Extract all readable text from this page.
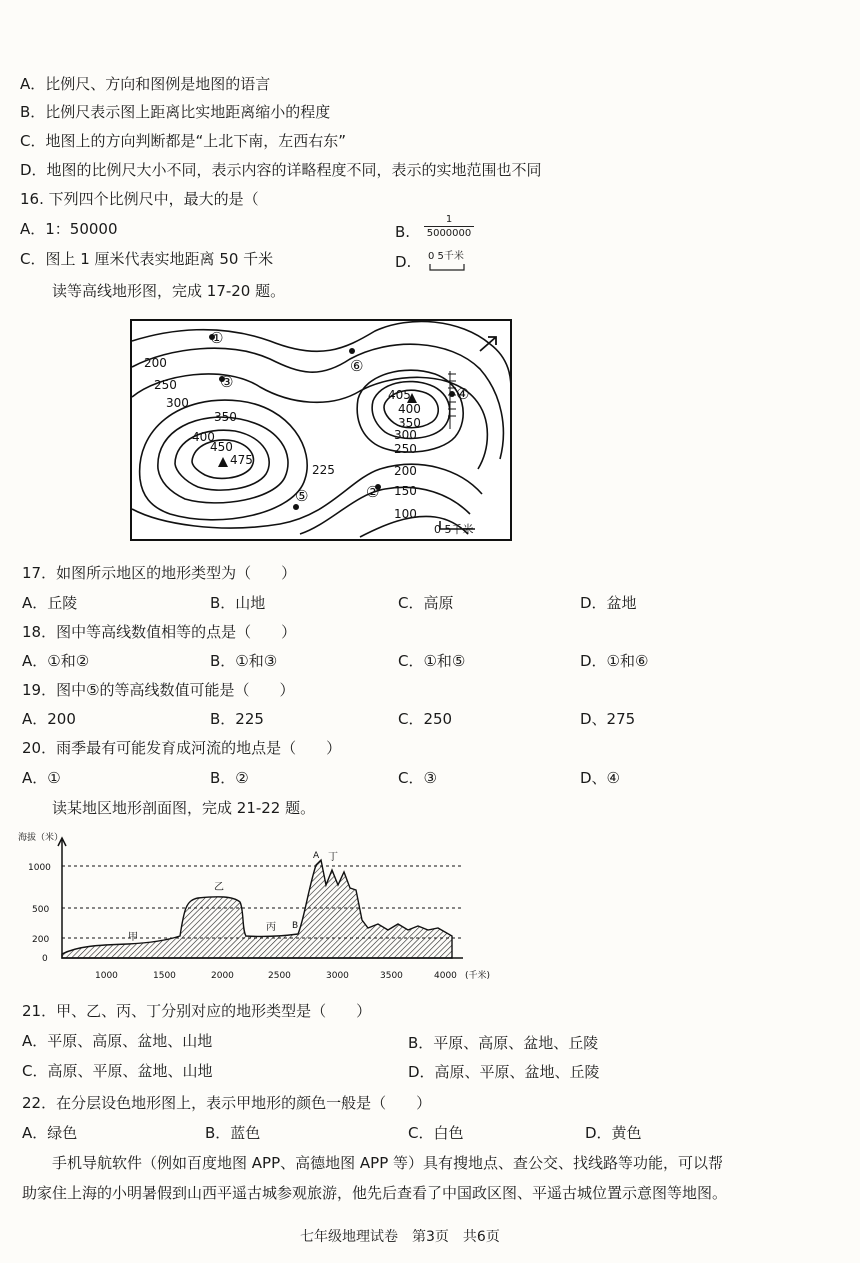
A．比例尺、方向和图例是地图的语言
B．比例尺表示图上距离比实地距离缩小的程度
C．地图上的方向判断都是“上北下南，左西右东”
D．地图的比例尺大小不同，表示内容的详略程度不同，表示的实地范围也不同
16. 下列四个比例尺中，最大的是（
A．1：50000	B.
1
5000000
C．图上 1 厘米代表实地距离 50 千米	D. 0 5千米
读等高线地形图，完成 17-20 题。
200
250
300
350
400
450
475
405
400
350
300
250
200
150
100
225
①
②
③
④
⑤
⑥
0 5千米
17．如图所示地区的地形类型为（　　）
A．丘陵	B．山地	C．高原	D．盆地
18．图中等高线数值相等的点是（　　）
A．①和②	B．①和③	C．①和⑤	D．①和⑥
19．图中⑤的等高线数值可能是（　　）
A．200	B．225	C．250	D、275
20．雨季最有可能发育成河流的地点是（　　）
A．①	B．②	C．③	D、④
读某地区地形剖面图，完成 21-22 题。
海拔（米）
1000
500
200
0
1000	1500	2000	2500	3000	3500	4000 (千米)
甲
乙
丙
丁
A
B
21．甲、乙、丙、丁分别对应的地形类型是（　　）
A．平原、高原、盆地、山地	B．平原、高原、盆地、丘陵
C．高原、平原、盆地、山地	D．高原、平原、盆地、丘陵
22．在分层设色地形图上，表示甲地形的颜色一般是（　　）
A．绿色	B．蓝色	C．白色	D．黄色
手机导航软件（例如百度地图 APP、高德地图 APP 等）具有搜地点、查公交、找线路等功能，可以帮
助家住上海的小明暑假到山西平遥古城参观旅游，他先后查看了中国政区图、平遥古城位置示意图等地图。
七年级地理试卷　第3页　共6页
